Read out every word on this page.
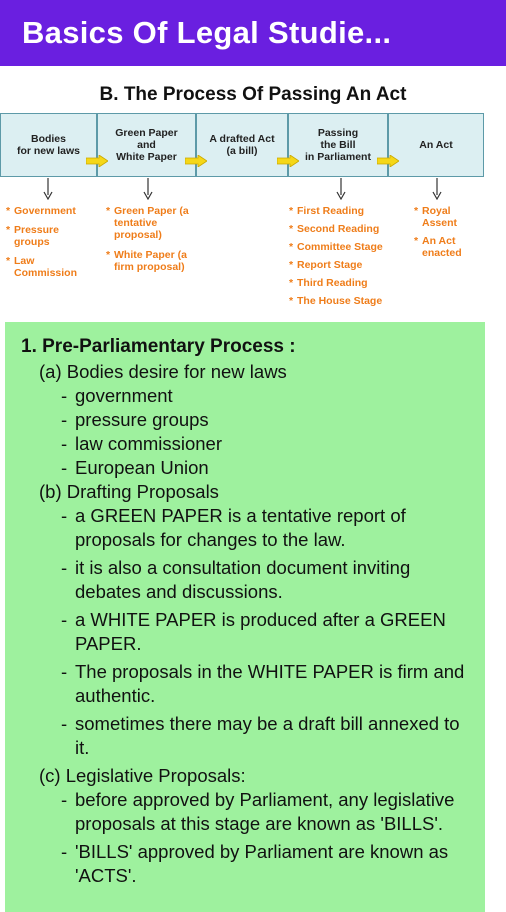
Basics Of Legal Studie...
B. The Process Of Passing An Act
Bodies
for new laws
Green Paper
and
White Paper
A drafted Act
(a bill)
Passing
the Bill
in Parliament
An Act
* Government
* Pressure groups
* Law Commission
* Green Paper (a tentative proposal)
* White Paper (a firm proposal)
* First Reading
* Second Reading
* Committee Stage
* Report Stage
* Third Reading
* The House Stage
* Royal Assent
* An Act enacted
1. Pre-Parliamentary Process :
(a) Bodies desire for new laws
- government
- pressure groups
- law commissioner
- European Union
(b) Drafting Proposals
- a GREEN PAPER is a tentative report of proposals for changes to the law.
- it is also a consultation document inviting debates and discussions.
- a WHITE PAPER is produced after a GREEN PAPER.
- The proposals in the WHITE PAPER is firm and authentic.
- sometimes there may be a draft bill annexed to it.
(c) Legislative Proposals:
- before approved by Parliament, any legislative proposals at this stage are known as 'BILLS'.
- 'BILLS' approved by Parliament are known as 'ACTS'.
